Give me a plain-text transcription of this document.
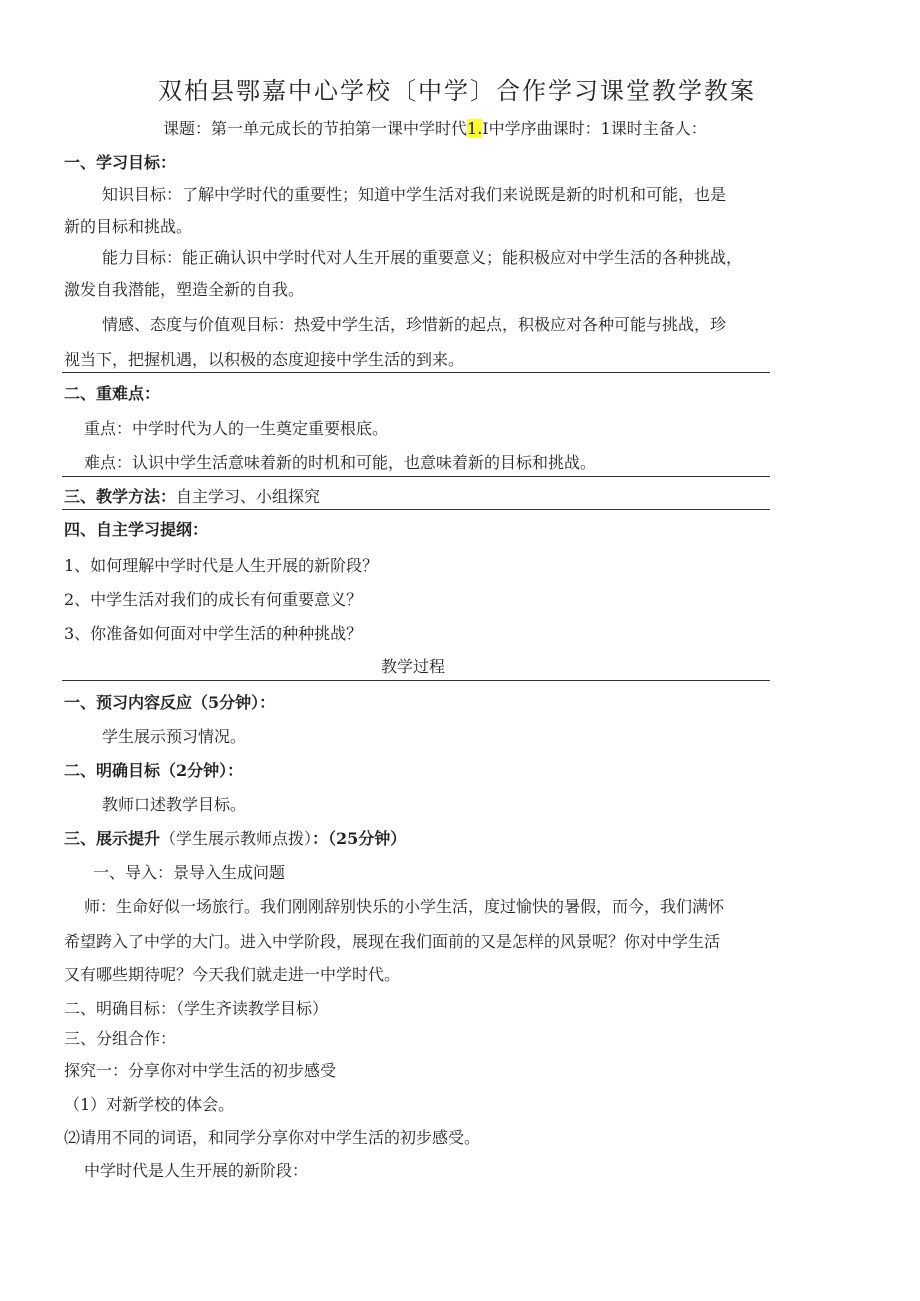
双柏县鄂嘉中心学校〔中学〕合作学习课堂教学教案
课题：第一单元成长的节拍第一课中学时代1.I中学序曲课时：1课时主备人：
一、学习目标：
知识目标：了解中学时代的重要性；知道中学生活对我们来说既是新的时机和可能，也是
新的目标和挑战。
能力目标：能正确认识中学时代对人生开展的重要意义；能积极应对中学生活的各种挑战，
激发自我潜能，塑造全新的自我。
情感、态度与价值观目标：热爱中学生活，珍惜新的起点，积极应对各种可能与挑战，珍
视当下，把握机遇，以积极的态度迎接中学生活的到来。
二、重难点：
重点：中学时代为人的一生奠定重要根底。
难点：认识中学生活意味着新的时机和可能，也意味着新的目标和挑战。
三、教学方法：自主学习、小组探究
四、自主学习提纲：
1、如何理解中学时代是人生开展的新阶段？
2、中学生活对我们的成长有何重要意义？
3、你准备如何面对中学生活的种种挑战？
教学过程
一、预习内容反应（5分钟）：
学生展示预习情况。
二、明确目标（2分钟）：
教师口述教学目标。
三、展示提升（学生展示教师点拨）：（25分钟）
一、导入：景导入生成问题
师：生命好似一场旅行。我们刚刚辞别快乐的小学生活，度过愉快的暑假，而今，我们满怀
希望跨入了中学的大门。进入中学阶段，展现在我们面前的又是怎样的风景呢？你对中学生活
又有哪些期待呢？今天我们就走进一中学时代。
二、明确目标：（学生齐读教学目标）
三、分组合作：
探究一：分享你对中学生活的初步感受
（1）对新学校的体会。
⑵请用不同的词语，和同学分享你对中学生活的初步感受。
中学时代是人生开展的新阶段：
